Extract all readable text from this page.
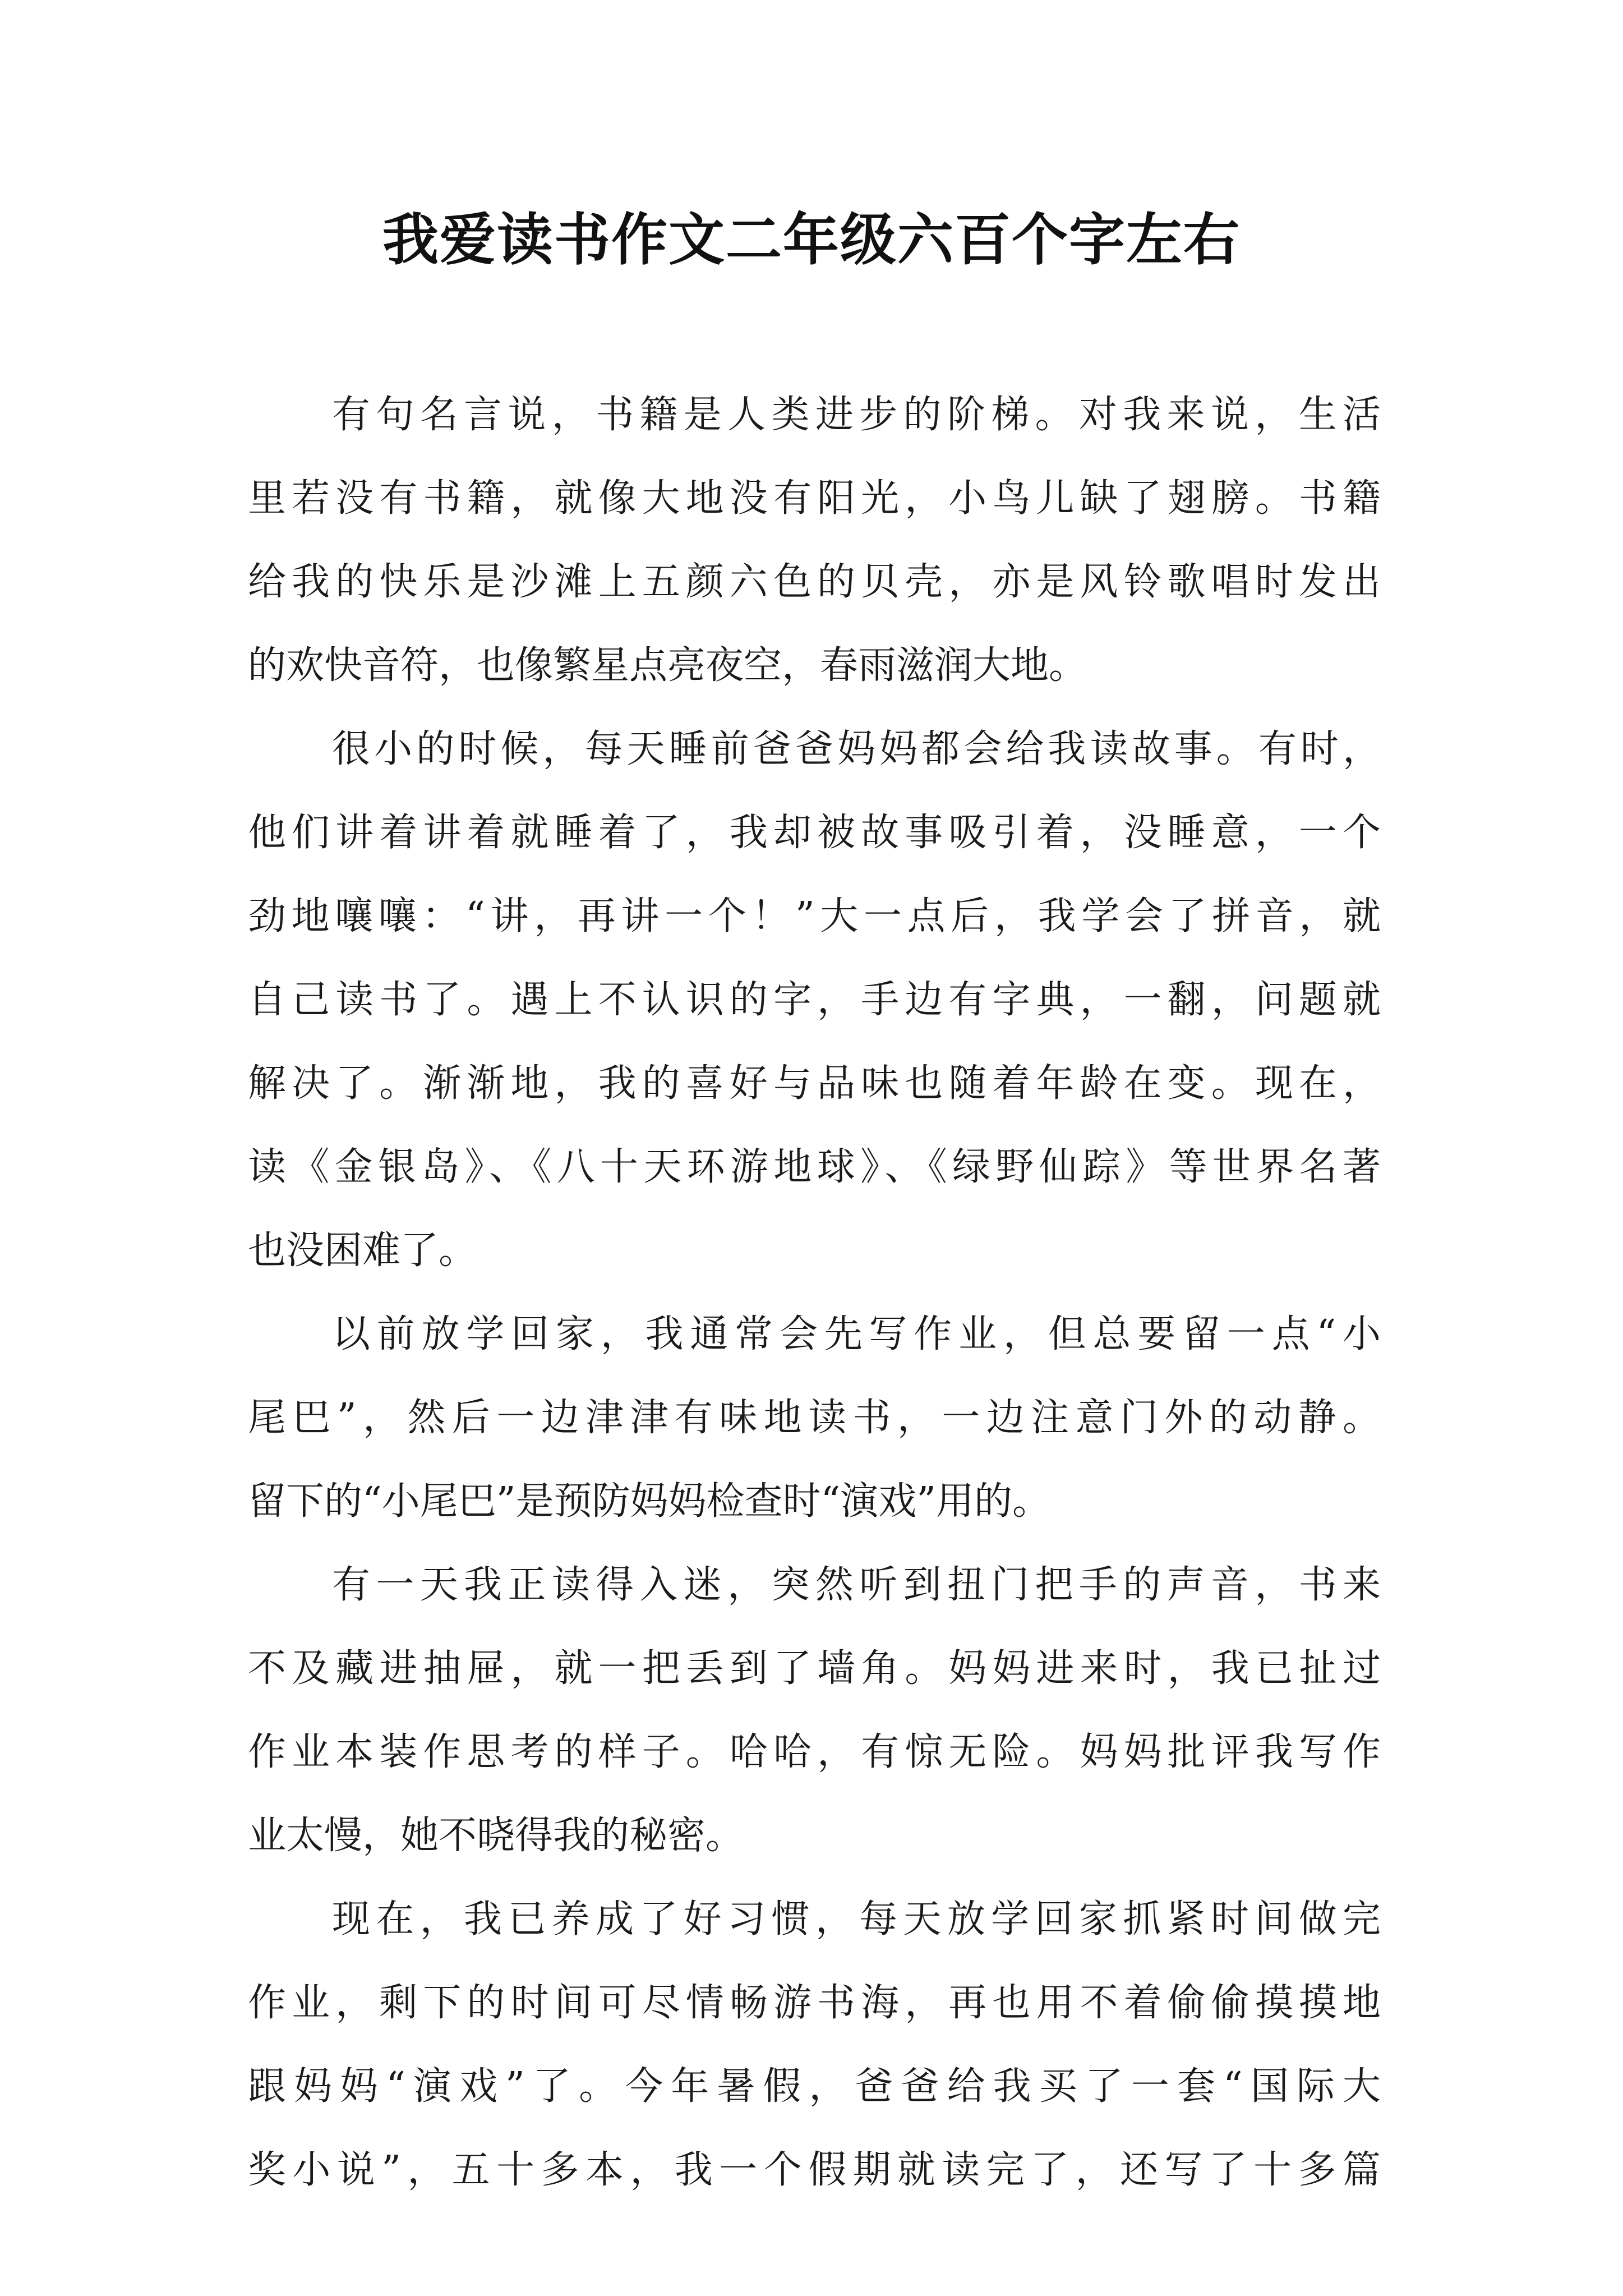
我爱读书作文二年级六百个字左右
有句名言说，书籍是人类进步的阶梯。对我来说，生活
里若没有书籍，就像大地没有阳光，小鸟儿缺了翅膀。书籍
给我的快乐是沙滩上五颜六色的贝壳，亦是风铃歌唱时发出
的欢快音符，也像繁星点亮夜空，春雨滋润大地。
很小的时候，每天睡前爸爸妈妈都会给我读故事。有时，
他们讲着讲着就睡着了，我却被故事吸引着，没睡意，一个
劲地嚷嚷：“讲，再讲一个！”大一点后，我学会了拼音，就
自己读书了。遇上不认识的字，手边有字典，一翻，问题就
解决了。渐渐地，我的喜好与品味也随着年龄在变。现在，
读《金银岛》、《八十天环游地球》、《绿野仙踪》等世界名著
也没困难了。
以前放学回家，我通常会先写作业，但总要留一点“小
尾巴”，然后一边津津有味地读书，一边注意门外的动静。
留下的“小尾巴”是预防妈妈检查时“演戏”用的。
有一天我正读得入迷，突然听到扭门把手的声音，书来
不及藏进抽屉，就一把丢到了墙角。妈妈进来时，我已扯过
作业本装作思考的样子。哈哈，有惊无险。妈妈批评我写作
业太慢，她不晓得我的秘密。
现在，我已养成了好习惯，每天放学回家抓紧时间做完
作业，剩下的时间可尽情畅游书海，再也用不着偷偷摸摸地
跟妈妈“演戏”了。今年暑假，爸爸给我买了一套“国际大
奖小说”，五十多本，我一个假期就读完了，还写了十多篇
